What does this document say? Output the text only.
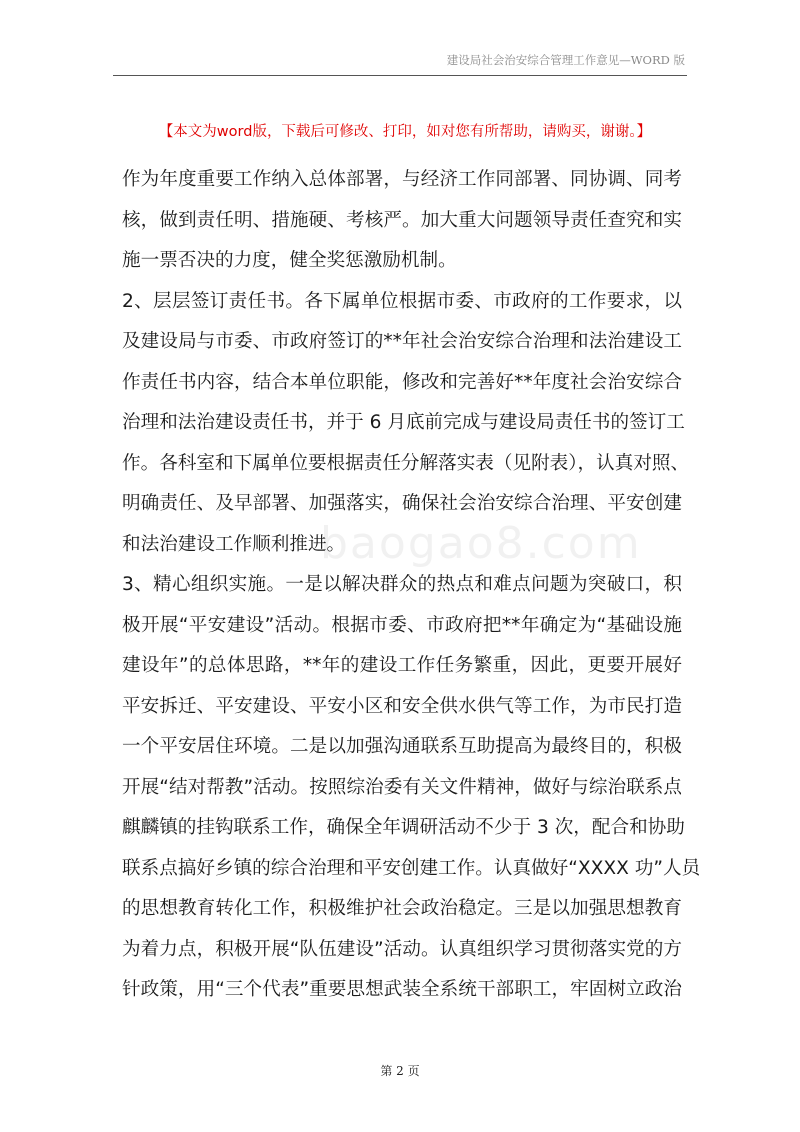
建设局社会治安综合管理工作意见—WORD 版
【本文为word版，下载后可修改、打印，如对您有所帮助，请购买，谢谢。】
作为年度重要工作纳入总体部署，与经济工作同部署、同协调、同考
核，做到责任明、措施硬、考核严。加大重大问题领导责任查究和实
施一票否决的力度，健全奖惩激励机制。
2、层层签订责任书。各下属单位根据市委、市政府的工作要求，以
及建设局与市委、市政府签订的**年社会治安综合治理和法治建设工
作责任书内容，结合本单位职能，修改和完善好**年度社会治安综合
治理和法治建设责任书，并于 6 月底前完成与建设局责任书的签订工
作。各科室和下属单位要根据责任分解落实表（见附表），认真对照、
明确责任、及早部署、加强落实，确保社会治安综合治理、平安创建
和法治建设工作顺利推进。
3、精心组织实施。一是以解决群众的热点和难点问题为突破口，积
极开展“平安建设”活动。根据市委、市政府把**年确定为“基础设施
建设年”的总体思路，**年的建设工作任务繁重，因此，更要开展好
平安拆迁、平安建设、平安小区和安全供水供气等工作，为市民打造
一个平安居住环境。二是以加强沟通联系互助提高为最终目的，积极
开展“结对帮教”活动。按照综治委有关文件精神，做好与综治联系点
麒麟镇的挂钩联系工作，确保全年调研活动不少于 3 次，配合和协助
联系点搞好乡镇的综合治理和平安创建工作。认真做好“XXXX 功”人员
的思想教育转化工作，积极维护社会政治稳定。三是以加强思想教育
为着力点，积极开展“队伍建设”活动。认真组织学习贯彻落实党的方
针政策，用“三个代表”重要思想武装全系统干部职工，牢固树立政治
baogao8.com
第 2 页
